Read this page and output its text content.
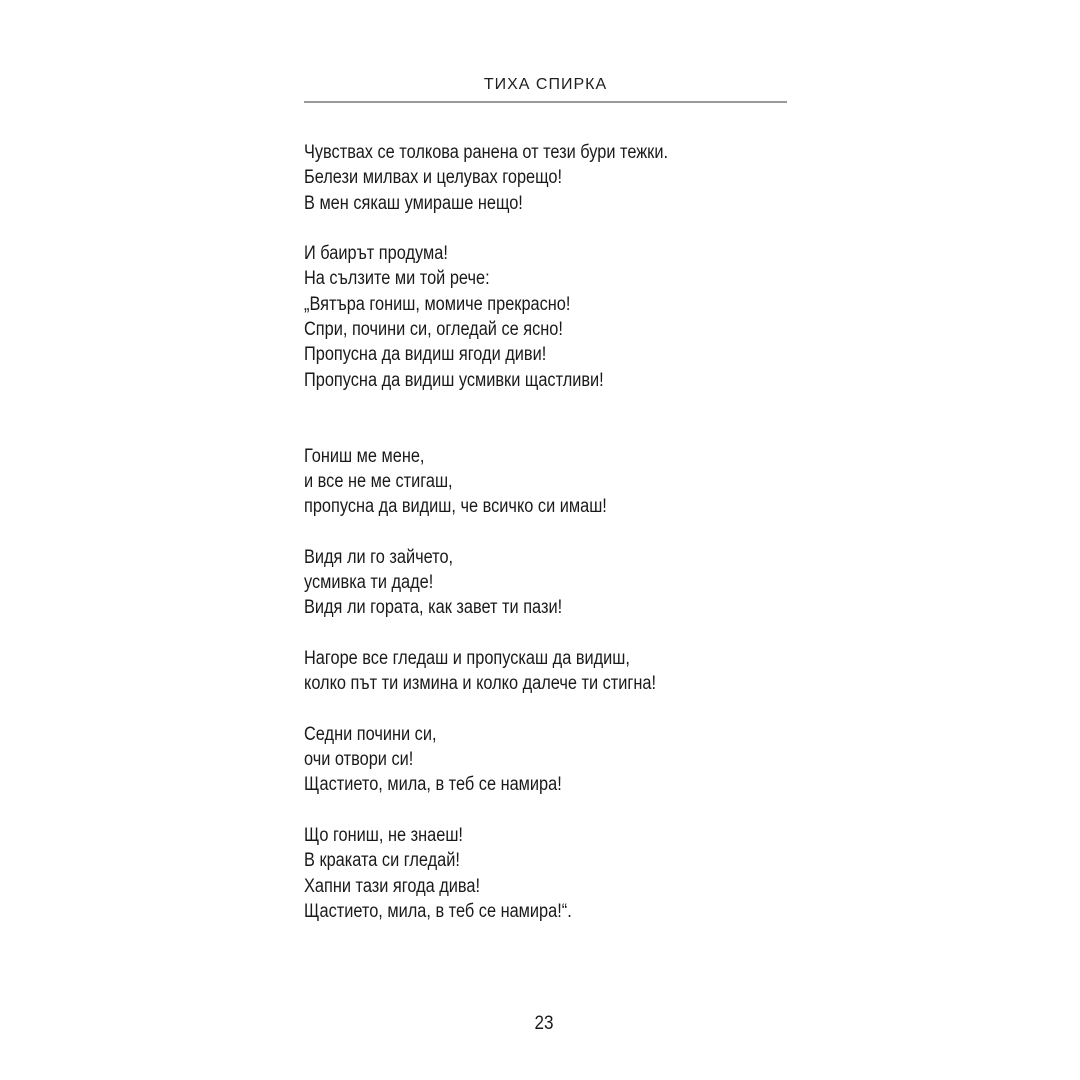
ТИХА СПИРКА
Чувствах се толкова ранена от тези бури тежки.
Белези милвах и целувах горещо!
В мен сякаш умираше нещо!
И баирът продума!
На сълзите ми той рече:
„Вятъра гониш, момиче прекрасно!
Спри, почини си, огледай се ясно!
Пропусна да видиш ягоди диви!
Пропусна да видиш усмивки щастливи!
Гониш ме мене,
и все не ме стигаш,
пропусна да видиш, че всичко си имаш!
Видя ли го зайчето,
усмивка ти даде!
Видя ли гората, как завет ти пази!
Нагоре все гледаш и пропускаш да видиш,
колко път ти измина и колко далече ти стигна!
Седни почини си,
очи отвори си!
Щастието, мила, в теб се намира!
Що гониш, не знаеш!
В краката си гледай!
Хапни тази ягода дива!
Щастието, мила, в теб се намира!“.
23
